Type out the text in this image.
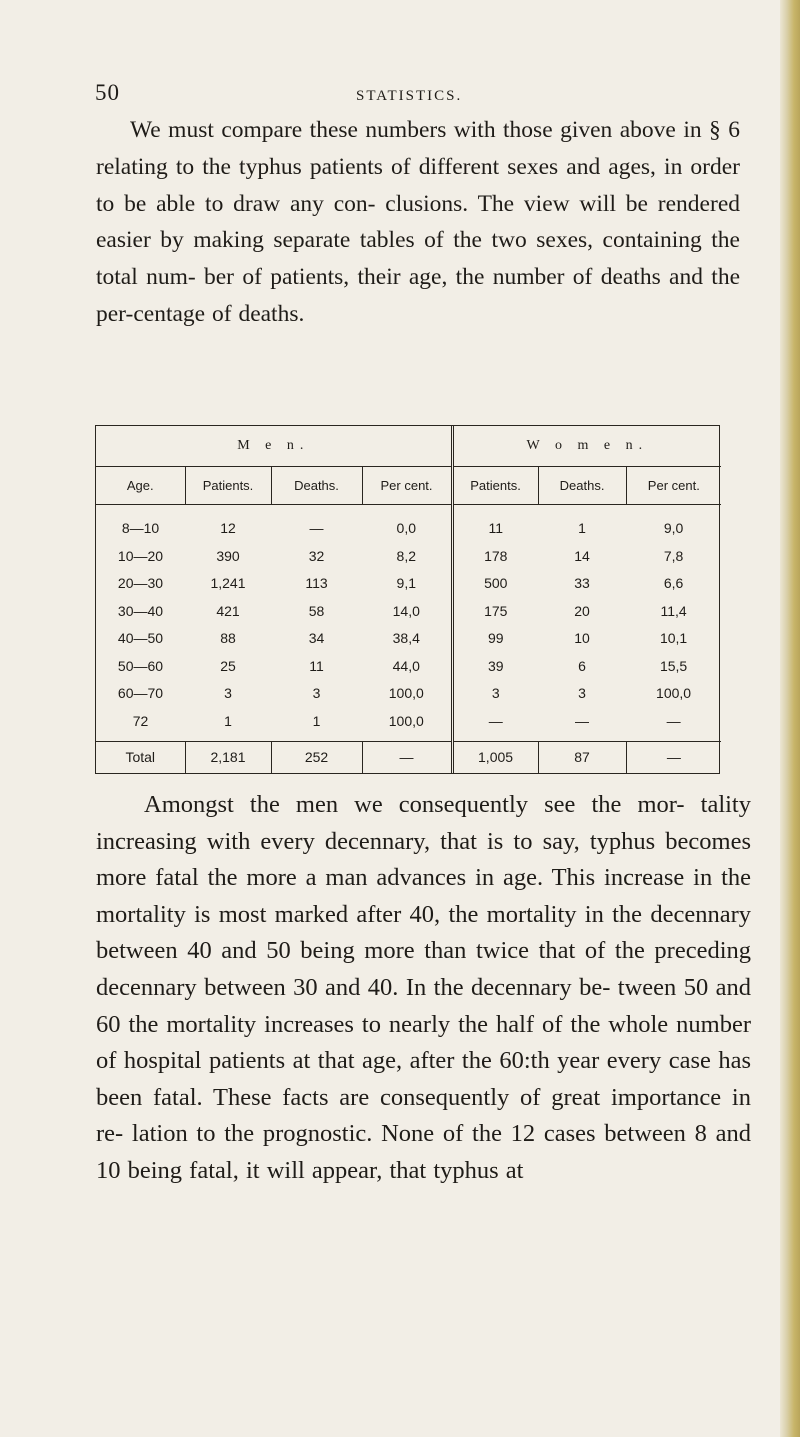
50	STATISTICS.

We must compare these numbers with those given above in § 6 relating to the typhus patients of different sexes and ages, in order to be able to draw any con- clusions. The view will be rendered easier by making separate tables of the two sexes, containing the total num- ber of patients, their age, the number of deaths and the per-centage of deaths.

M e n.				W o m e n.		
Age.	Patients.	Deaths.	Per cent.	Patients.	Deaths.	Per cent.

8—10	12	—	0,0	11	1	9,0
10—20	390	32	8,2	178	14	7,8
20—30	1,241	113	9,1	500	33	6,6
30—40	421	58	14,0	175	20	11,4
40—50	88	34	38,4	99	10	10,1
50—60	25	11	44,0	39	6	15,5
60—70	3	3	100,0	3	3	100,0
72	1	1	100,0	—	—	—

Total	2,181	252	—	1,005	87	—

Amongst the men we consequently see the mor- tality increasing with every decennary, that is to say, typhus becomes more fatal the more a man advances in age. This increase in the mortality is most marked after 40, the mortality in the decennary between 40 and 50 being more than twice that of the preceding decennary between 30 and 40. In the decennary be- tween 50 and 60 the mortality increases to nearly the half of the whole number of hospital patients at that age, after the 60:th year every case has been fatal. These facts are consequently of great importance in re- lation to the prognostic. None of the 12 cases between 8 and 10 being fatal, it will appear, that typhus at
